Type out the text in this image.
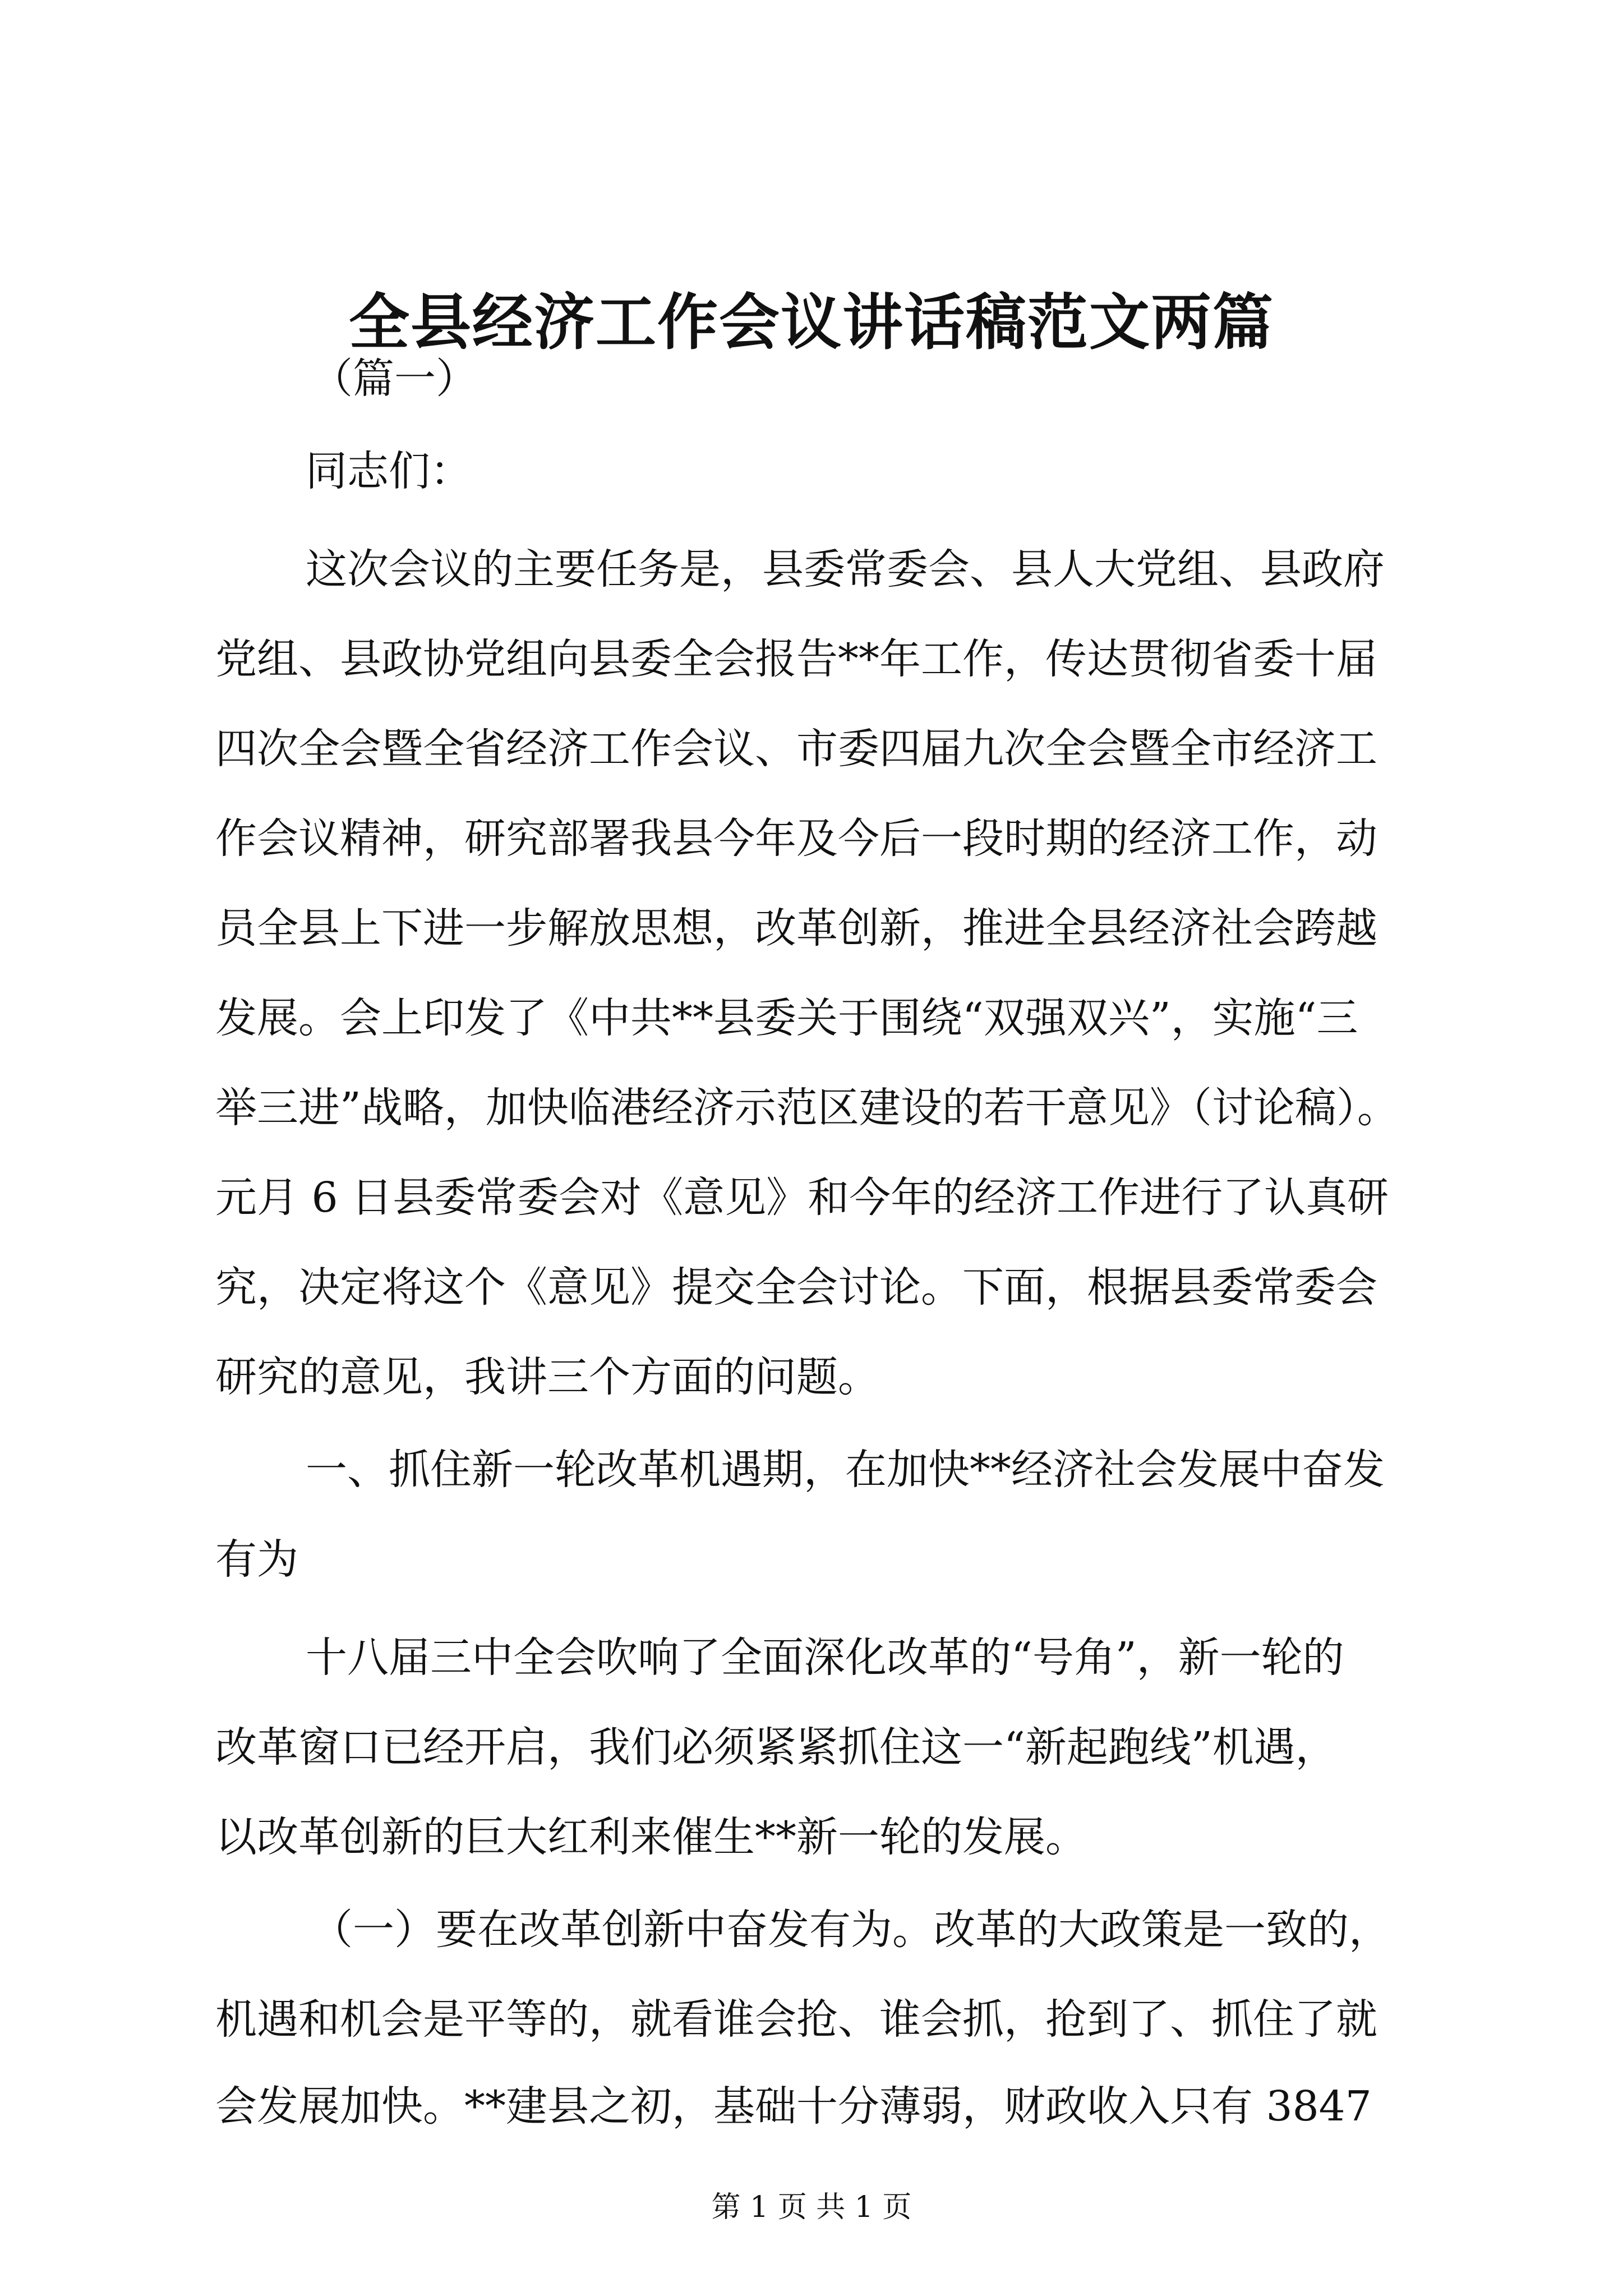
全县经济工作会议讲话稿范文两篇
（篇一）
同志们：
这次会议的主要任务是，县委常委会、县人大党组、县政府
党组、县政协党组向县委全会报告**年工作，传达贯彻省委十届
四次全会暨全省经济工作会议、市委四届九次全会暨全市经济工
作会议精神，研究部署我县今年及今后一段时期的经济工作，动
员全县上下进一步解放思想，改革创新，推进全县经济社会跨越
发展。会上印发了《中共**县委关于围绕“双强双兴”，实施“三
举三进”战略，加快临港经济示范区建设的若干意见》（讨论稿）。
元月 6 日县委常委会对《意见》和今年的经济工作进行了认真研
究，决定将这个《意见》提交全会讨论。下面，根据县委常委会
研究的意见，我讲三个方面的问题。
一、抓住新一轮改革机遇期，在加快**经济社会发展中奋发
有为
十八届三中全会吹响了全面深化改革的“号角”，新一轮的
改革窗口已经开启，我们必须紧紧抓住这一“新起跑线”机遇，
以改革创新的巨大红利来催生**新一轮的发展。
（一）要在改革创新中奋发有为。改革的大政策是一致的，
机遇和机会是平等的，就看谁会抢、谁会抓，抢到了、抓住了就
第 1 页 共 1 页
会发展加快。**建县之初，基础十分薄弱，财政收入只有 3847
